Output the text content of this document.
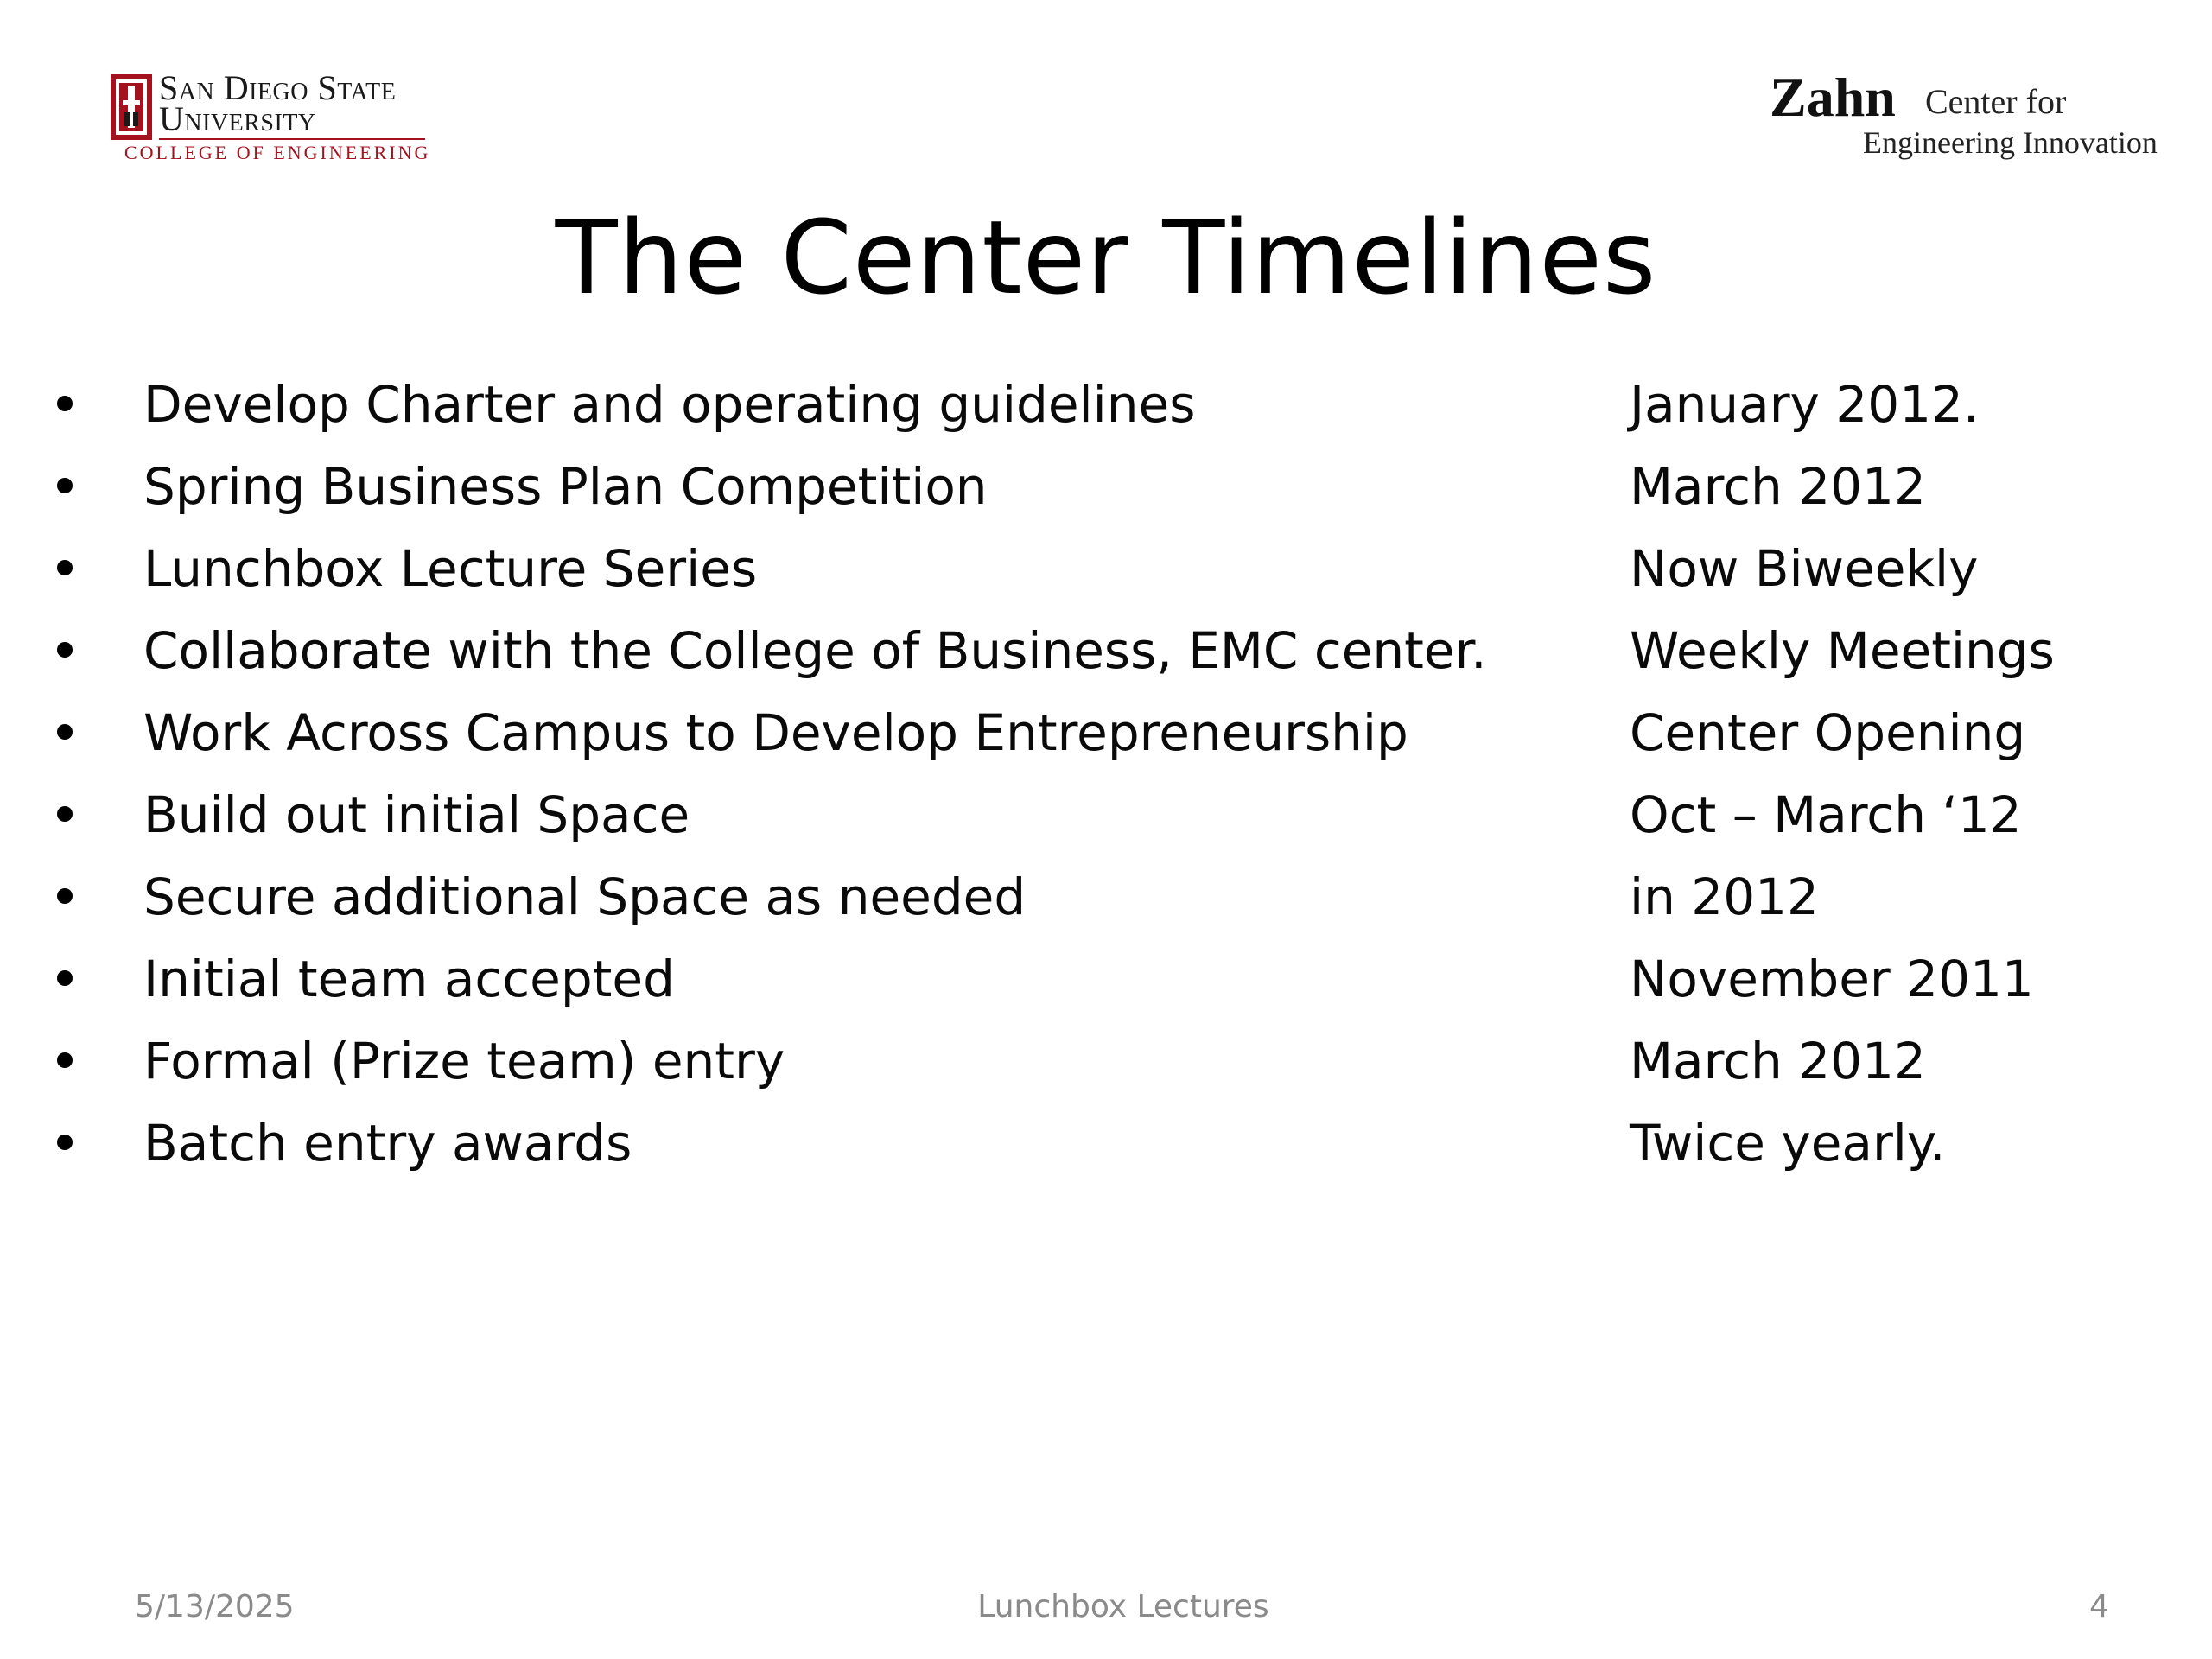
San Diego State
University
COLLEGE OF ENGINEERING
Zahn Center for
Engineering Innovation
The Center Timelines
Develop Charter and operating guidelines	January 2012.
Spring Business Plan Competition	March 2012
Lunchbox Lecture Series	Now Biweekly
Collaborate with the College of Business, EMC center.	Weekly Meetings
Work Across Campus to Develop Entrepreneurship	Center Opening
Build out initial Space	Oct – March ‘12
Secure additional Space as needed	in 2012
Initial team accepted	November 2011
Formal (Prize team) entry	March 2012
Batch entry awards	Twice yearly.
5/13/2025	Lunchbox Lectures	4
